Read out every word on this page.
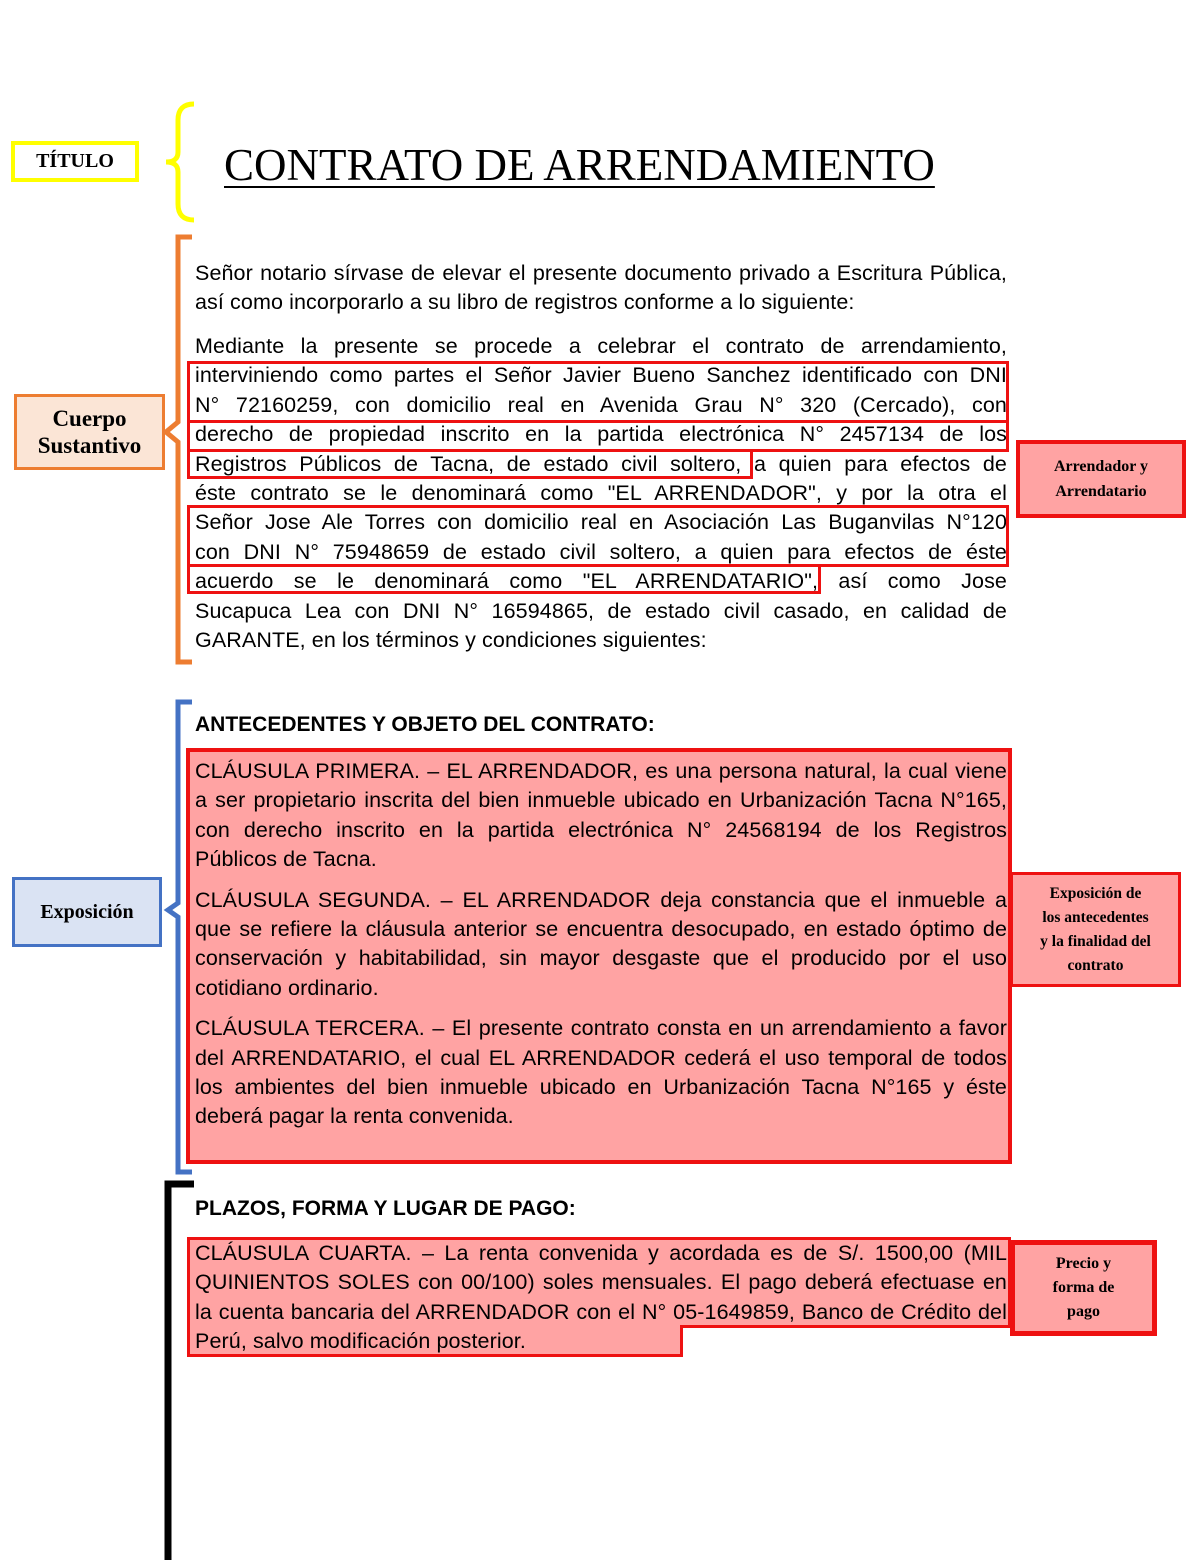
TÍTULO CONTRATO DE ARRENDAMIENTO
Cuerpo
Sustantivo
Señor notario sírvase de elevar el presente documento privado a Escritura Pública, así como incorporarlo a su libro de registros conforme a lo siguiente:
Mediante la presente se procede a celebrar el contrato de arrendamiento,
interviniendo como partes el Señor Javier Bueno Sanchez identificado con DNI
N° 72160259, con domicilio real en Avenida Grau N° 320 (Cercado), con
derecho de propiedad inscrito en la partida electrónica N° 2457134 de los
Registros Públicos de Tacna, de estado civil soltero, a quien para efectos de
éste contrato se le denominará como "EL ARRENDADOR", y por la otra el
Señor Jose Ale Torres con domicilio real en Asociación Las Buganvilas N°120
con DNI N° 75948659 de estado civil soltero, a quien para efectos de éste
acuerdo se le denominará como "EL ARRENDATARIO", así como Jose
Sucapuca Lea con DNI N° 16594865, de estado civil casado, en calidad de
GARANTE, en los términos y condiciones siguientes:
Arrendador y
Arrendatario
Exposición
ANTECEDENTES Y OBJETO DEL CONTRATO:

CLÁUSULA PRIMERA. – EL ARRENDADOR, es una persona natural, la cual viene a ser propietario inscrita del bien inmueble ubicado en Urbanización Tacna N°165, con derecho inscrito en la partida electrónica N° 24568194 de los Registros Públicos de Tacna.

CLÁUSULA SEGUNDA. – EL ARRENDADOR deja constancia que el inmueble a que se refiere la cláusula anterior se encuentra desocupado, en estado óptimo de conservación y habitabilidad, sin mayor desgaste que el producido por el uso cotidiano ordinario.

CLÁUSULA TERCERA. – El presente contrato consta en un arrendamiento a favor del ARRENDATARIO, el cual EL ARRENDADOR cederá el uso temporal de todos los ambientes del bien inmueble ubicado en Urbanización Tacna N°165 y éste deberá pagar la renta convenida.

Exposición de
los antecedentes
y la finalidad del
contrato
PLAZOS, FORMA Y LUGAR DE PAGO:
CLÁUSULA CUARTA. – La renta convenida y acordada es de S/. 1500,00 (MIL QUINIENTOS SOLES con 00/100) soles mensuales. El pago deberá efectuase en la cuenta bancaria del ARRENDADOR con el N° 05-1649859, Banco de Crédito del Perú, salvo modificación posterior.
Precio y
forma de
pago
